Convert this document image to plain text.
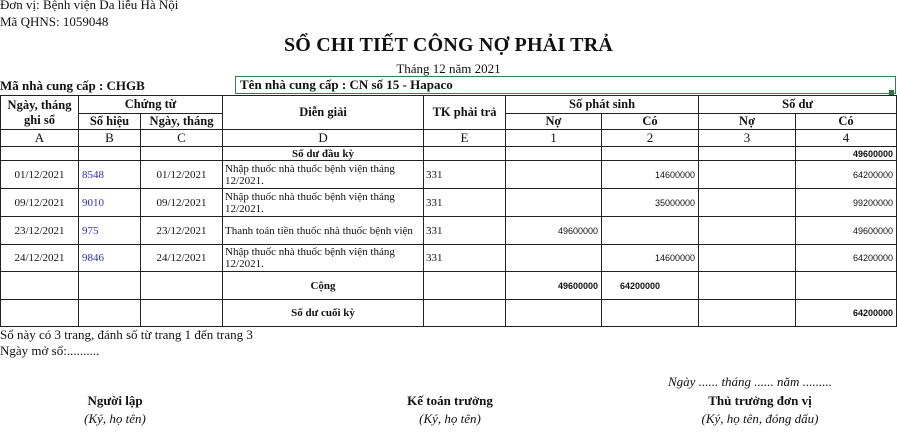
Đơn vị: Bệnh viện Da liễu Hà Nội
Mã QHNS: 1059048
SỔ CHI TIẾT CÔNG NỢ PHẢI TRẢ
Tháng 12 năm 2021
Mã nhà cung cấp : CHGB	Tên nhà cung cấp : CN số 15 - Hapaco
Ngày, tháng ghi sổ	Chứng từ		Diễn giải	TK phải trả	Số phát sinh		Số dư	
	Số hiệu	Ngày, tháng			Nợ	Có	Nợ	Có
A	B	C	D	E	1	2	3	4
			Số dư đầu kỳ					49600000
01/12/2021	8548	01/12/2021	Nhập thuốc nhà thuốc bệnh viện tháng 12/2021.	331		14600000		64200000
09/12/2021	9010	09/12/2021	Nhập thuốc nhà thuốc bệnh viện tháng 12/2021.	331		35000000		99200000
23/12/2021	975	23/12/2021	Thanh toán tiền thuốc nhà thuốc bệnh viện	331	49600000			49600000
24/12/2021	9846	24/12/2021	Nhập thuốc nhà thuốc bệnh viện tháng 12/2021.	331		14600000		64200000
			Cộng		49600000	64200000		
			Số dư cuối kỳ					64200000
Sổ này có 3 trang, đánh số từ trang 1 đến trang 3
Ngày mở sổ:..........
Ngày ...... tháng ...... năm .........
Người lập
(Ký, họ tên)
Kế toán trưởng
(Ký, họ tên)
Thủ trưởng đơn vị
(Ký, họ tên, đóng dấu)
